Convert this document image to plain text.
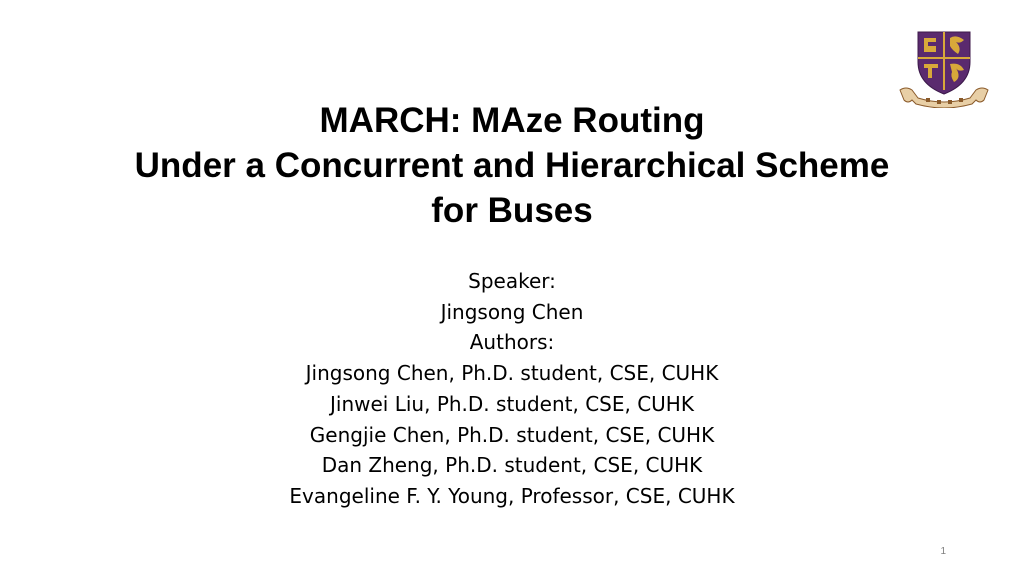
MARCH: MAze Routing
Under a Concurrent and Hierarchical Scheme
for Buses
Speaker:
Jingsong Chen
Authors:
Jingsong Chen, Ph.D. student, CSE, CUHK
Jinwei Liu, Ph.D. student, CSE, CUHK
Gengjie Chen, Ph.D. student, CSE, CUHK
Dan Zheng, Ph.D. student, CSE, CUHK
Evangeline F. Y. Young, Professor, CSE, CUHK
1
